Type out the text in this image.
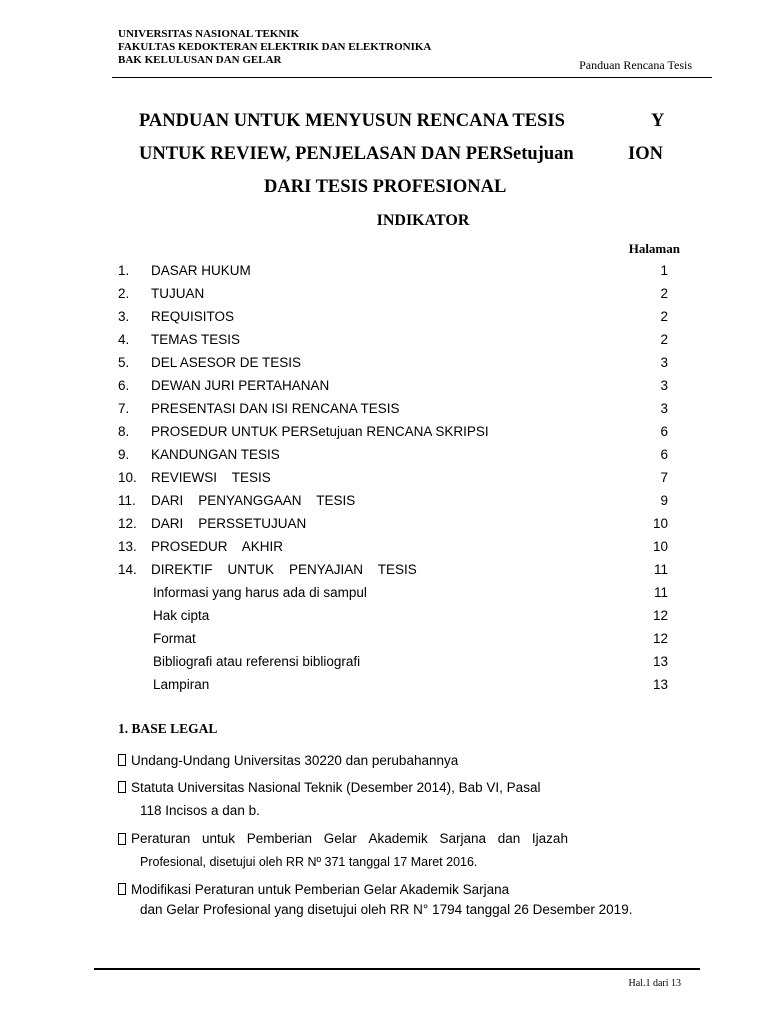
UNIVERSITAS NASIONAL TEKNIK
FAKULTAS KEDOKTERAN ELEKTRIK DAN ELEKTRONIKA
BAK KELULUSAN DAN GELAR	Panduan Rencana Tesis
PANDUAN UNTUK MENYUSUN RENCANA TESIS	Y
UNTUK REVIEW, PENJELASAN DAN PERSetujuan	ION
DARI TESIS PROFESIONAL
INDIKATOR
Halaman
1. DASAR HUKUM	1
2. TUJUAN	2
3. REQUISITOS	2
4. TEMAS TESIS	2
5. DEL ASESOR DE TESIS	3
6. DEWAN JURI PERTAHANAN	3
7. PRESENTASI DAN ISI RENCANA TESIS	3
8. PROSEDUR UNTUK PERSetujuan RENCANA SKRIPSI	6
9. KANDUNGAN TESIS	6
10. REVIEWSI    TESIS	7
11. DARI    PENYANGGAAN    TESIS	9
12. DARI    PERSSETUJUAN	10
13. PROSEDUR    AKHIR	10
14. DIREKTIF    UNTUK    PENYAJIAN    TESIS	11
Informasi yang harus ada di sampul	11
Hak cipta	12
Format	12
Bibliografi atau referensi bibliografi	13
Lampiran	13
1. BASE LEGAL
Undang-Undang Universitas 30220 dan perubahannya
Statuta Universitas Nasional Teknik (Desember 2014), Bab VI, Pasal
118 Incisos a dan b.
Peraturan untuk Pemberian Gelar Akademik Sarjana dan Ijazah
Profesional, disetujui oleh RR Nº 371 tanggal 17 Maret 2016.
Modifikasi Peraturan untuk Pemberian Gelar Akademik Sarjana
dan Gelar Profesional yang disetujui oleh RR N° 1794 tanggal 26 Desember 2019.
Hal.1 dari 13
